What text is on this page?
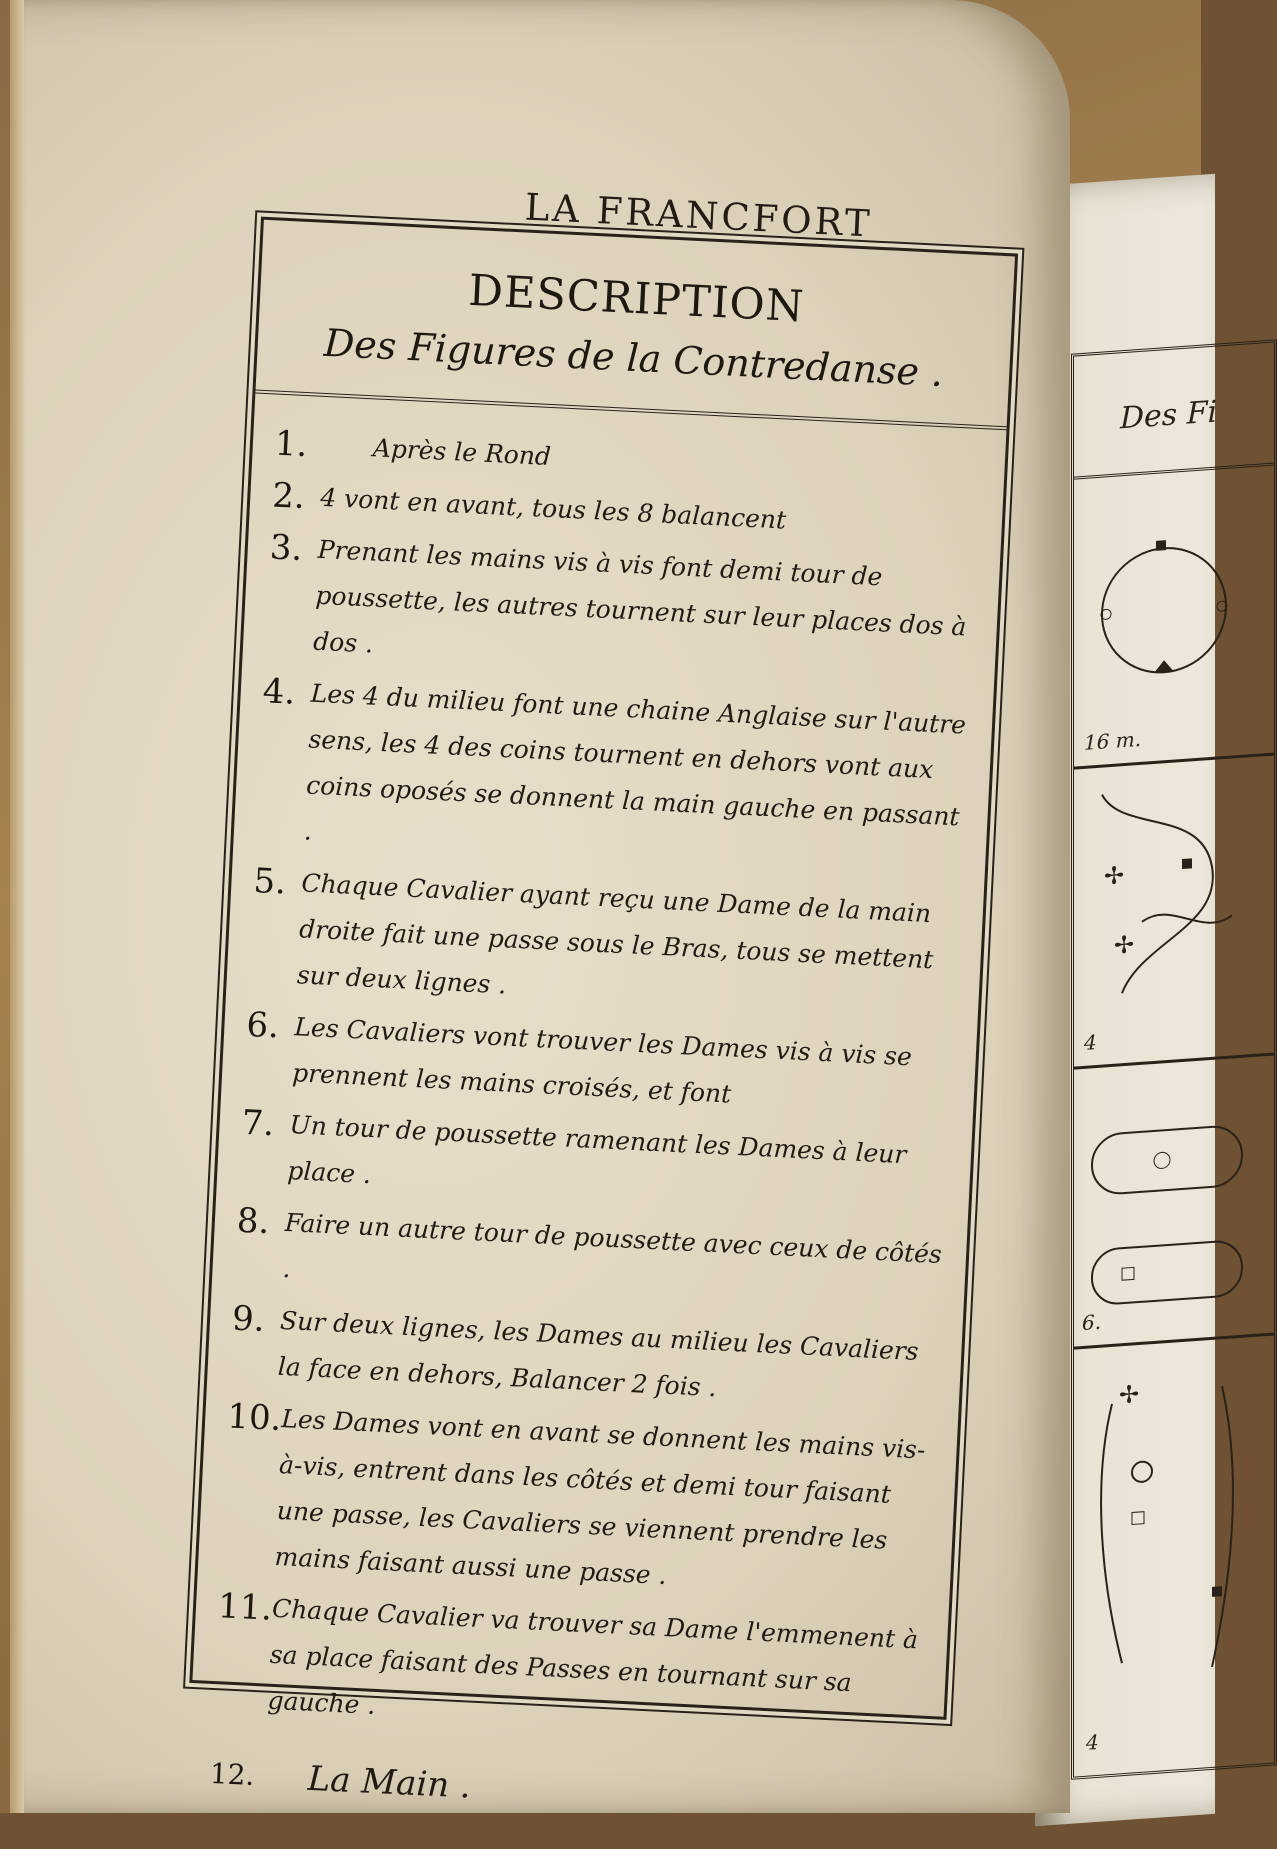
Des Fi
16 m.
✢
✢
4
6.
✢
4
LA FRANCFORT
DESCRIPTION
Des Figures de la Contredanse .
1.	Après le Rond
2. 4 vont en avant, tous les 8 balancent
3. Prenant les mains vis à vis font demi tour de poussette, les autres tournent sur leur places dos à dos .
4. Les 4 du milieu font une chaine Anglaise sur l'autre sens, les 4 des coins tournent en dehors vont aux coins oposés se donnent la main gauche en passant .
5. Chaque Cavalier ayant reçu une Dame de la main droite fait une passe sous le Bras, tous se mettent sur deux lignes .
6. Les Cavaliers vont trouver les Dames vis à vis se prennent les mains croisés, et font
7. Un tour de poussette ramenant les Dames à leur place .
8. Faire un autre tour de poussette avec ceux de côtés .
9. Sur deux lignes, les Dames au milieu les Cavaliers la face en dehors, Balancer 2 fois .
10.
Les Dames vont en avant se donnent les mains vis-à-vis, entrent dans les côtés et demi tour faisant une passe, les Cavaliers se viennent prendre les mains faisant aussi une passe .
11.
Chaque Cavalier va trouver sa Dame l'emmenent à sa place faisant des Passes en tournant sur sa gauche .
12.	La Main .
